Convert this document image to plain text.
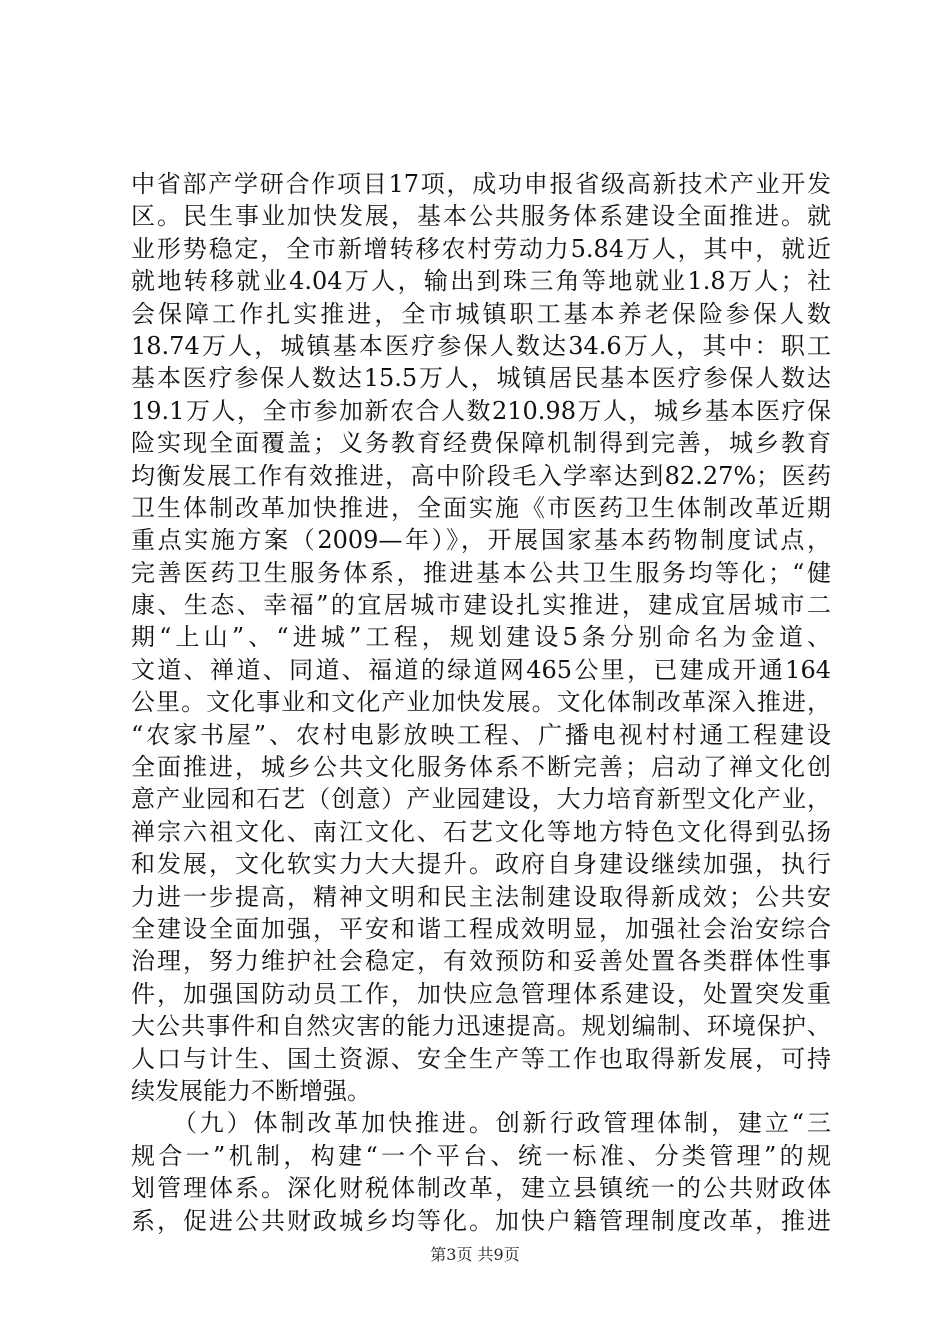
中省部产学研合作项目17项，成功申报省级高新技术产业开发
区。民生事业加快发展，基本公共服务体系建设全面推进。就
业形势稳定，全市新增转移农村劳动力5.84万人，其中，就近
就地转移就业4.04万人，输出到珠三角等地就业1.8万人；社
会保障工作扎实推进，全市城镇职工基本养老保险参保人数
18.74万人，城镇基本医疗参保人数达34.6万人，其中：职工
基本医疗参保人数达15.5万人，城镇居民基本医疗参保人数达
19.1万人，全市参加新农合人数210.98万人，城乡基本医疗保
险实现全面覆盖；义务教育经费保障机制得到完善，城乡教育
均衡发展工作有效推进，高中阶段毛入学率达到82.27%；医药
卫生体制改革加快推进，全面实施《市医药卫生体制改革近期
重点实施方案（2009—年）》，开展国家基本药物制度试点，
完善医药卫生服务体系，推进基本公共卫生服务均等化；“健
康、生态、幸福”的宜居城市建设扎实推进，建成宜居城市二
期“上山”、“进城”工程，规划建设5条分别命名为金道、
文道、禅道、同道、福道的绿道网465公里，已建成开通164
公里。文化事业和文化产业加快发展。文化体制改革深入推进，
“农家书屋”、农村电影放映工程、广播电视村村通工程建设
全面推进，城乡公共文化服务体系不断完善；启动了禅文化创
意产业园和石艺（创意）产业园建设，大力培育新型文化产业，
禅宗六祖文化、南江文化、石艺文化等地方特色文化得到弘扬
和发展，文化软实力大大提升。政府自身建设继续加强，执行
力进一步提高，精神文明和民主法制建设取得新成效；公共安
全建设全面加强，平安和谐工程成效明显，加强社会治安综合
治理，努力维护社会稳定，有效预防和妥善处置各类群体性事
件，加强国防动员工作，加快应急管理体系建设，处置突发重
大公共事件和自然灾害的能力迅速提高。规划编制、环境保护、
人口与计生、国土资源、安全生产等工作也取得新发展，可持
续发展能力不断增强。
　　（九）体制改革加快推进。创新行政管理体制，建立“三
规合一”机制，构建“一个平台、统一标准、分类管理”的规
划管理体系。深化财税体制改革，建立县镇统一的公共财政体
系，促进公共财政城乡均等化。加快户籍管理制度改革，推进
第3页 共9页
